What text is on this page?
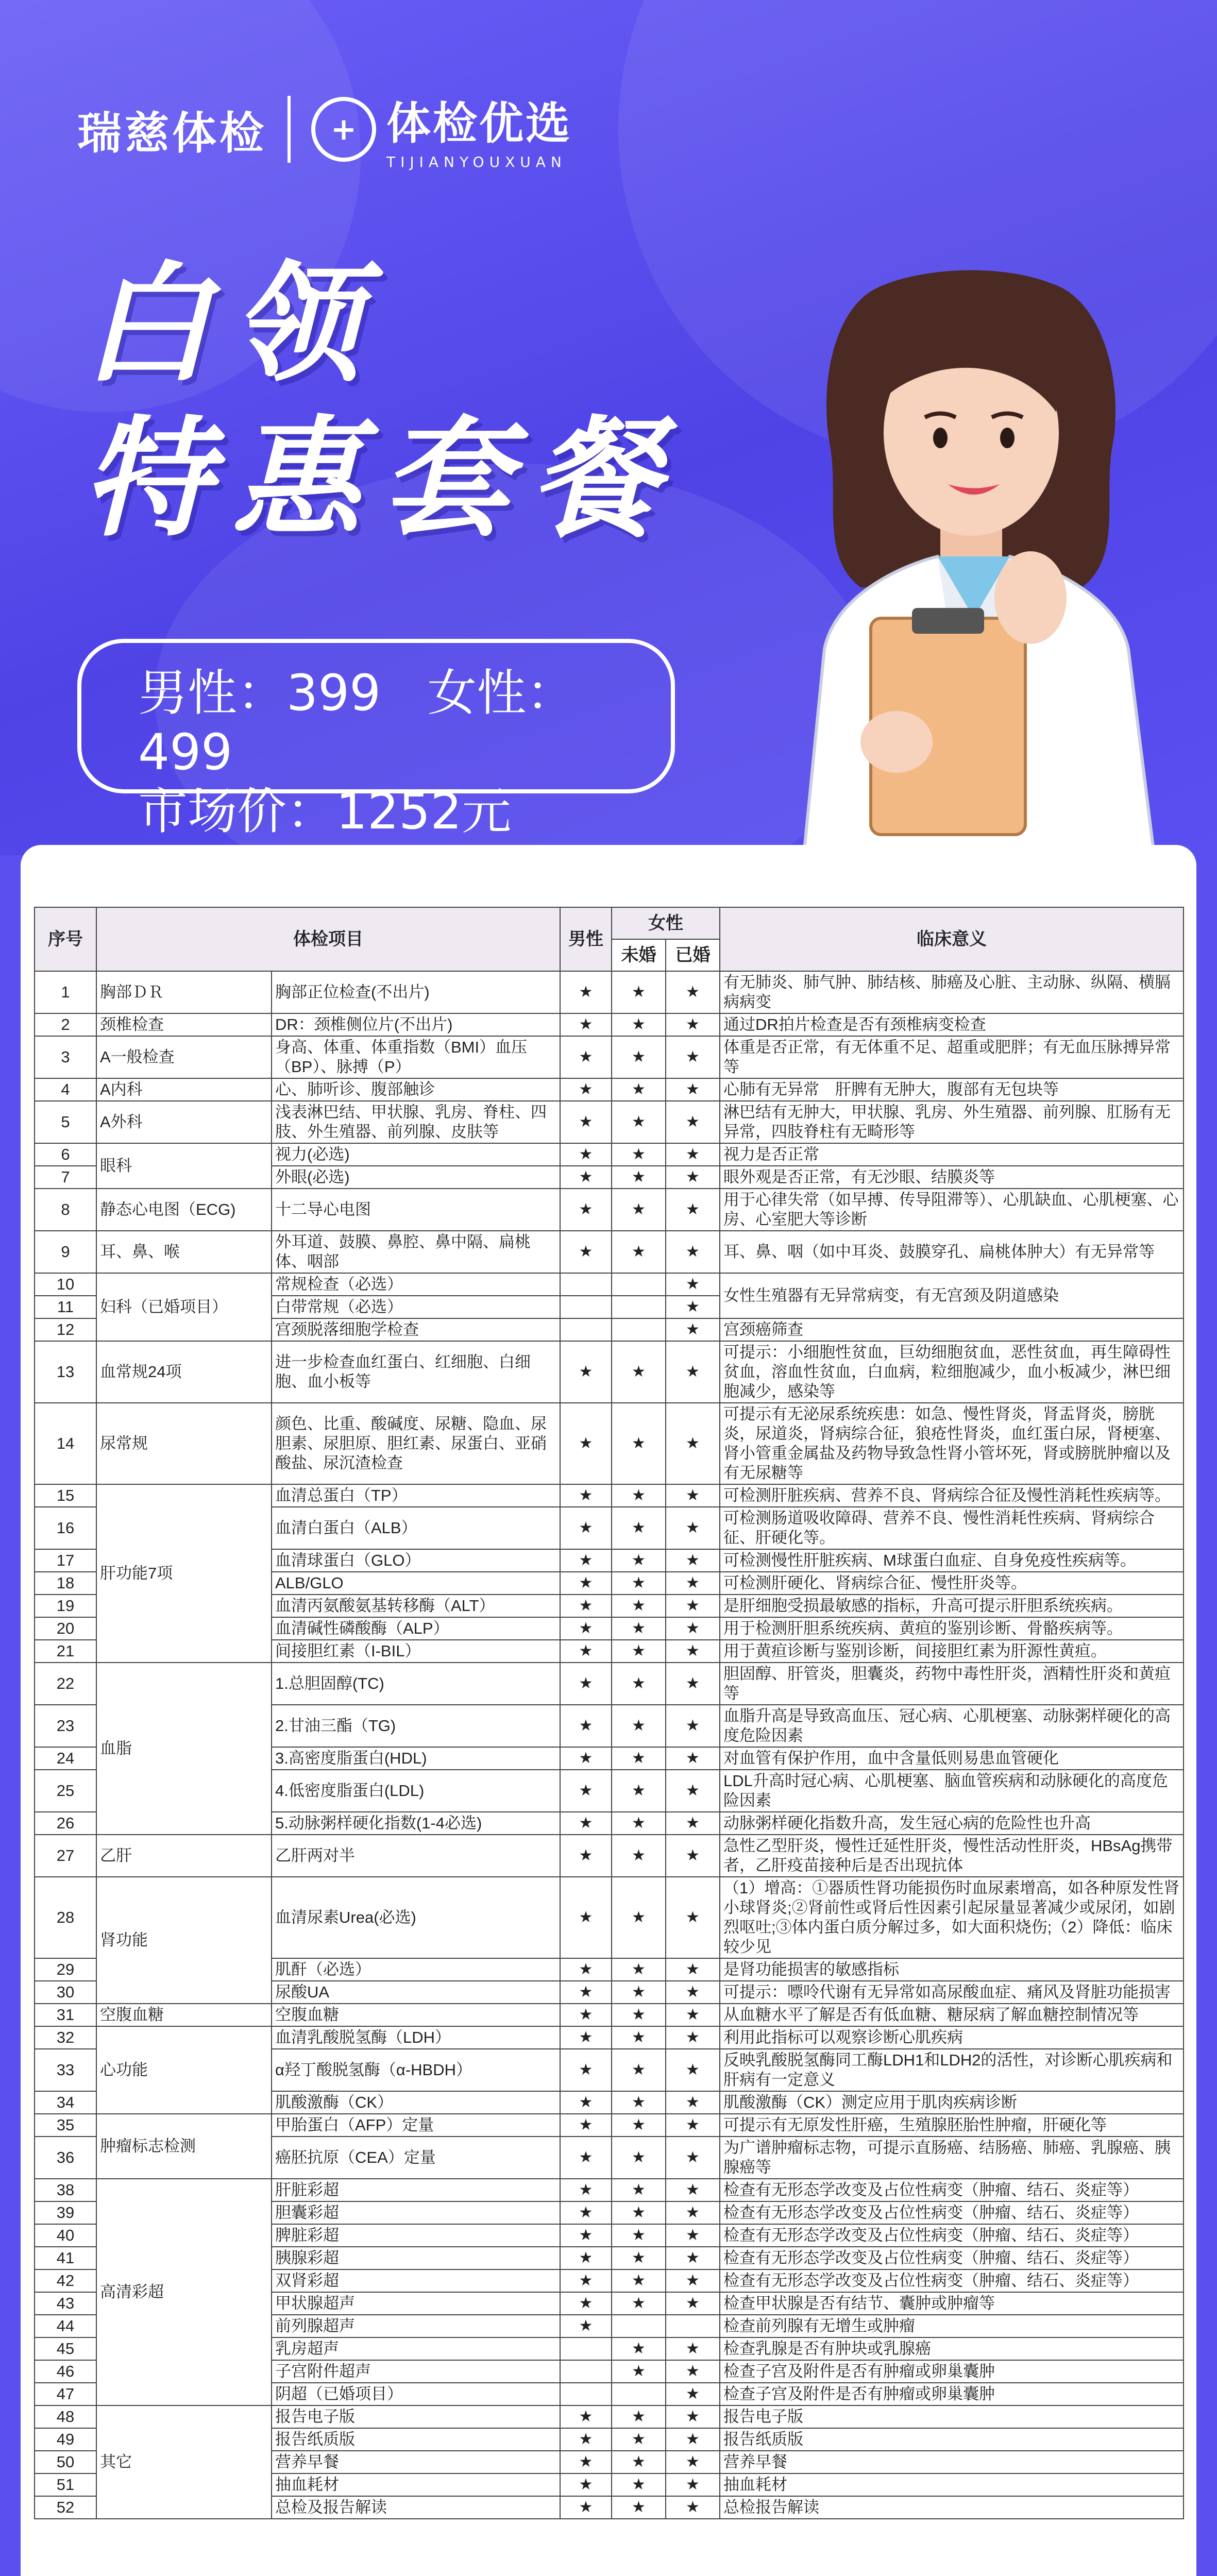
瑞慈体检	+ 体检优选
TIJIANYOUXUAN
白领
特惠套餐
男性：399 女性：499
市场价：1252元
序号	体检项目		男性	女性		临床意义
				未婚	已婚	
1	胸部ＤＲ	胸部正位检查(不出片)	★	★	★	有无肺炎、肺气肿、肺结核、肺癌及心脏、主动脉、纵隔、横膈病病变
2	颈椎检查	DR：颈椎侧位片(不出片)	★	★	★	通过DR拍片检查是否有颈椎病变检查
3	A一般检查	身高、体重、体重指数（BMI）血压（BP）、脉搏（P）	★	★	★	体重是否正常，有无体重不足、超重或肥胖；有无血压脉搏异常等
4	A内科	心、肺听诊、腹部触诊	★	★	★	心肺有无异常　肝脾有无肿大，腹部有无包块等
5	A外科	浅表淋巴结、甲状腺、乳房、脊柱、四肢、外生殖器、前列腺、皮肤等	★	★	★	淋巴结有无肿大，甲状腺、乳房、外生殖器、前列腺、肛肠有无异常，四肢脊柱有无畸形等
6	眼科	视力(必选)	★	★	★	视力是否正常
7		外眼(必选)	★	★	★	眼外观是否正常，有无沙眼、结膜炎等
8	静态心电图（ECG)	十二导心电图	★	★	★	用于心律失常（如早搏、传导阻滞等）、心肌缺血、心肌梗塞、心房、心室肥大等诊断
9	耳、鼻、喉	外耳道、鼓膜、鼻腔、鼻中隔、扁桃体、咽部	★	★	★	耳、鼻、咽（如中耳炎、鼓膜穿孔、扁桃体肿大）有无异常等
10	妇科（已婚项目）	常规检查（必选）			★	女性生殖器有无异常病变，有无宫颈及阴道感染
11		白带常规（必选）			★	
12		宫颈脱落细胞学检查			★	宫颈癌筛查
13	血常规24项	进一步检查血红蛋白、红细胞、白细胞、血小板等	★	★	★	可提示：小细胞性贫血，巨幼细胞贫血，恶性贫血，再生障碍性贫血，溶血性贫血，白血病，粒细胞减少，血小板减少，淋巴细胞减少，感染等
14	尿常规	颜色、比重、酸碱度、尿糖、隐血、尿胆素、尿胆原、胆红素、尿蛋白、亚硝酸盐、尿沉渣检查	★	★	★	可提示有无泌尿系统疾患：如急、慢性肾炎，肾盂肾炎，膀胱炎，尿道炎，肾病综合征，狼疮性肾炎，血红蛋白尿，肾梗塞、肾小管重金属盐及药物导致急性肾小管坏死，肾或膀胱肿瘤以及有无尿糖等
15	肝功能7项	血清总蛋白（TP）	★	★	★	可检测肝脏疾病、营养不良、肾病综合征及慢性消耗性疾病等。
16		血清白蛋白（ALB）	★	★	★	可检测肠道吸收障碍、营养不良、慢性消耗性疾病、肾病综合征、肝硬化等。
17		血清球蛋白（GLO）	★	★	★	可检测慢性肝脏疾病、M球蛋白血症、自身免疫性疾病等。
18		ALB/GLO	★	★	★	可检测肝硬化、肾病综合征、慢性肝炎等。
19		血清丙氨酸氨基转移酶（ALT）	★	★	★	是肝细胞受损最敏感的指标，升高可提示肝胆系统疾病。
20		血清碱性磷酸酶（ALP）	★	★	★	用于检测肝胆系统疾病、黄疸的鉴别诊断、骨骼疾病等。
21		间接胆红素（I-BIL）	★	★	★	用于黄疸诊断与鉴别诊断，间接胆红素为肝源性黄疸。
22	血脂	1.总胆固醇(TC)	★	★	★	胆固醇、肝管炎，胆囊炎，药物中毒性肝炎，酒精性肝炎和黄疸等
23		2.甘油三酯（TG)	★	★	★	血脂升高是导致高血压、冠心病、心肌梗塞、动脉粥样硬化的高度危险因素
24		3.高密度脂蛋白(HDL)	★	★	★	对血管有保护作用，血中含量低则易患血管硬化
25		4.低密度脂蛋白(LDL)	★	★	★	LDL升高时冠心病、心肌梗塞、脑血管疾病和动脉硬化的高度危险因素
26		5.动脉粥样硬化指数(1-4必选)	★	★	★	动脉粥样硬化指数升高，发生冠心病的危险性也升高
27	乙肝	乙肝两对半	★	★	★	急性乙型肝炎，慢性迁延性肝炎，慢性活动性肝炎，HBsAg携带者，乙肝疫苗接种后是否出现抗体
28	肾功能	血清尿素Urea(必选)	★	★	★	（1）增高：①器质性肾功能损伤时血尿素增高，如各种原发性肾小球肾炎;②肾前性或肾后性因素引起尿量显著减少或尿闭，如剧烈呕吐;③体内蛋白质分解过多，如大面积烧伤;（2）降低：临床较少见
29		肌酐（必选）	★	★	★	是肾功能损害的敏感指标
30		尿酸UA	★	★	★	可提示：嘌呤代谢有无异常如高尿酸血症、痛风及肾脏功能损害
31	空腹血糖	空腹血糖	★	★	★	从血糖水平了解是否有低血糖、糖尿病了解血糖控制情况等
32	心功能	血清乳酸脱氢酶（LDH）	★	★	★	利用此指标可以观察诊断心肌疾病
33		α羟丁酸脱氢酶（α-HBDH）	★	★	★	反映乳酸脱氢酶同工酶LDH1和LDH2的活性，对诊断心肌疾病和肝病有一定意义
34		肌酸激酶（CK）	★	★	★	肌酸激酶（CK）测定应用于肌肉疾病诊断
35	肿瘤标志检测	甲胎蛋白（AFP）定量	★	★	★	可提示有无原发性肝癌，生殖腺胚胎性肿瘤，肝硬化等
36		癌胚抗原（CEA）定量	★	★	★	为广谱肿瘤标志物，可提示直肠癌、结肠癌、肺癌、乳腺癌、胰腺癌等
38	高清彩超	肝脏彩超	★	★	★	检查有无形态学改变及占位性病变（肿瘤、结石、炎症等）
39		胆囊彩超	★	★	★	检查有无形态学改变及占位性病变（肿瘤、结石、炎症等）
40		脾脏彩超	★	★	★	检查有无形态学改变及占位性病变（肿瘤、结石、炎症等）
41		胰腺彩超	★	★	★	检查有无形态学改变及占位性病变（肿瘤、结石、炎症等）
42		双肾彩超	★	★	★	检查有无形态学改变及占位性病变（肿瘤、结石、炎症等）
43		甲状腺超声	★	★	★	检查甲状腺是否有结节、囊肿或肿瘤等
44		前列腺超声	★			检查前列腺有无增生或肿瘤
45		乳房超声		★	★	检查乳腺是否有肿块或乳腺癌
46		子宫附件超声		★	★	检查子宫及附件是否有肿瘤或卵巢囊肿
47		阴超（已婚项目）			★	检查子宫及附件是否有肿瘤或卵巢囊肿
48	其它	报告电子版	★	★	★	报告电子版
49		报告纸质版	★	★	★	报告纸质版
50		营养早餐	★	★	★	营养早餐
51		抽血耗材	★	★	★	抽血耗材
52		总检及报告解读	★	★	★	总检报告解读
